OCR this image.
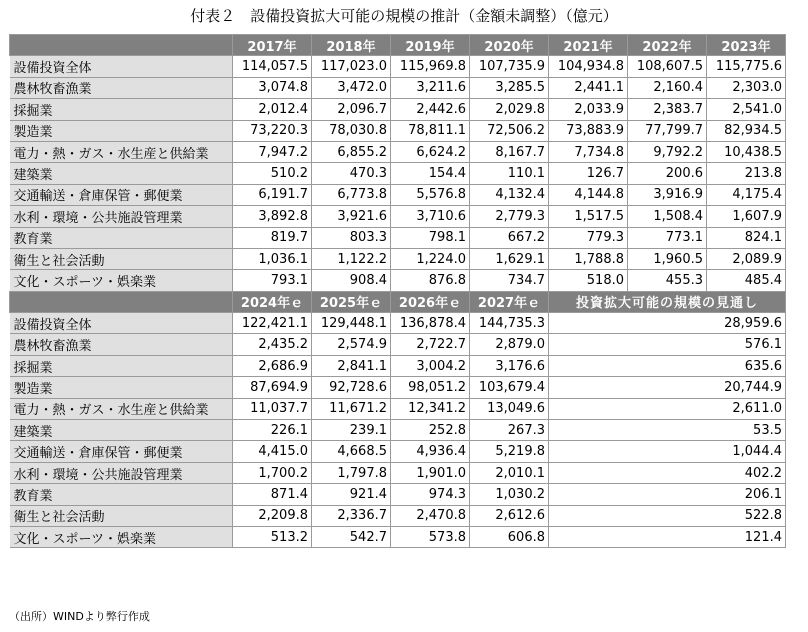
付表２　設備投資拡大可能の規模の推計（金額未調整）（億元）
	2017年	2018年	2019年	2020年	2021年	2022年	2023年
設備投資全体	114,057.5	117,023.0	115,969.8	107,735.9	104,934.8	108,607.5	115,775.6
農林牧畜漁業	3,074.8	3,472.0	3,211.6	3,285.5	2,441.1	2,160.4	2,303.0
採掘業	2,012.4	2,096.7	2,442.6	2,029.8	2,033.9	2,383.7	2,541.0
製造業	73,220.3	78,030.8	78,811.1	72,506.2	73,883.9	77,799.7	82,934.5
電力・熱・ガス・水生産と供給業	7,947.2	6,855.2	6,624.2	8,167.7	7,734.8	9,792.2	10,438.5
建築業	510.2	470.3	154.4	110.1	126.7	200.6	213.8
交通輸送・倉庫保管・郵便業	6,191.7	6,773.8	5,576.8	4,132.4	4,144.8	3,916.9	4,175.4
水利・環境・公共施設管理業	3,892.8	3,921.6	3,710.6	2,779.3	1,517.5	1,508.4	1,607.9
教育業	819.7	803.3	798.1	667.2	779.3	773.1	824.1
衛生と社会活動	1,036.1	1,122.2	1,224.0	1,629.1	1,788.8	1,960.5	2,089.9
文化・スポーツ・娯楽業	793.1	908.4	876.8	734.7	518.0	455.3	485.4
	2024年ｅ	2025年ｅ	2026年ｅ	2027年ｅ	投資拡大可能の規模の見通し		
設備投資全体	122,421.1	129,448.1	136,878.4	144,735.3	28,959.6		
農林牧畜漁業	2,435.2	2,574.9	2,722.7	2,879.0	576.1		
採掘業	2,686.9	2,841.1	3,004.2	3,176.6	635.6		
製造業	87,694.9	92,728.6	98,051.2	103,679.4	20,744.9		
電力・熱・ガス・水生産と供給業	11,037.7	11,671.2	12,341.2	13,049.6	2,611.0		
建築業	226.1	239.1	252.8	267.3	53.5		
交通輸送・倉庫保管・郵便業	4,415.0	4,668.5	4,936.4	5,219.8	1,044.4		
水利・環境・公共施設管理業	1,700.2	1,797.8	1,901.0	2,010.1	402.2		
教育業	871.4	921.4	974.3	1,030.2	206.1		
衛生と社会活動	2,209.8	2,336.7	2,470.8	2,612.6	522.8		
文化・スポーツ・娯楽業	513.2	542.7	573.8	606.8	121.4		
（出所）WINDより弊行作成
